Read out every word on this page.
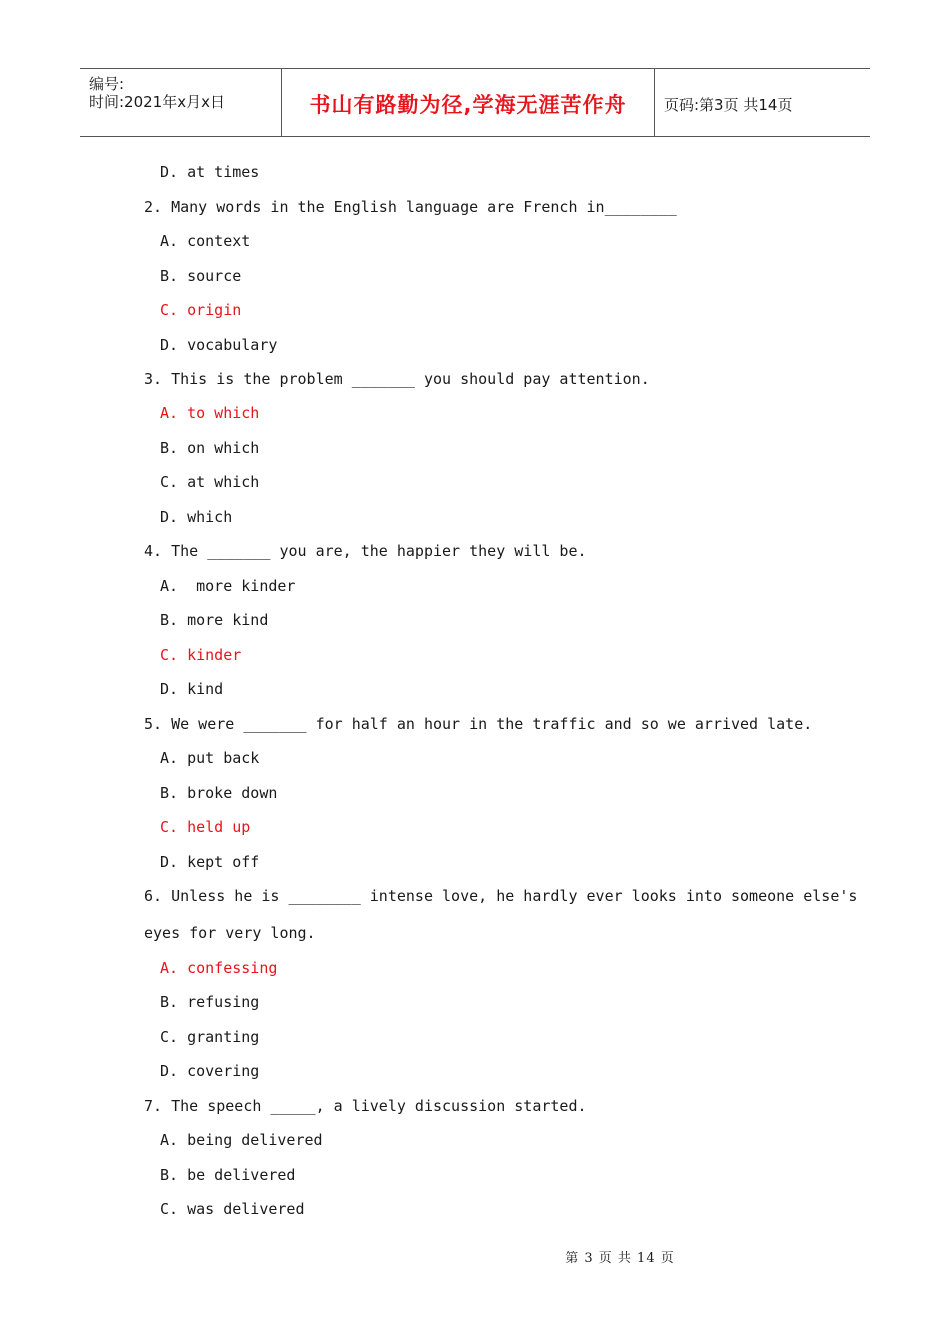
编号:
时间:2021年x月x日	书山有路勤为径,学海无涯苦作舟	页码:第3页 共14页
D. at times
2. Many words in the English language are French in________
A. context
B. source
C. origin
D. vocabulary
3. This is the problem _______ you should pay attention.
A. to which
B. on which
C. at which
D. which
4. The _______ you are, the happier they will be.
A.  more kinder
B. more kind
C. kinder
D. kind
5. We were _______ for half an hour in the traffic and so we arrived late.
A. put back
B. broke down
C. held up
D. kept off
6. Unless he is ________ intense love, he hardly ever looks into someone else's
eyes for very long.
A. confessing
B. refusing
C. granting
D. covering
7. The speech _____, a lively discussion started.
A. being delivered
B. be delivered
C. was delivered
第 3 页 共 14 页
